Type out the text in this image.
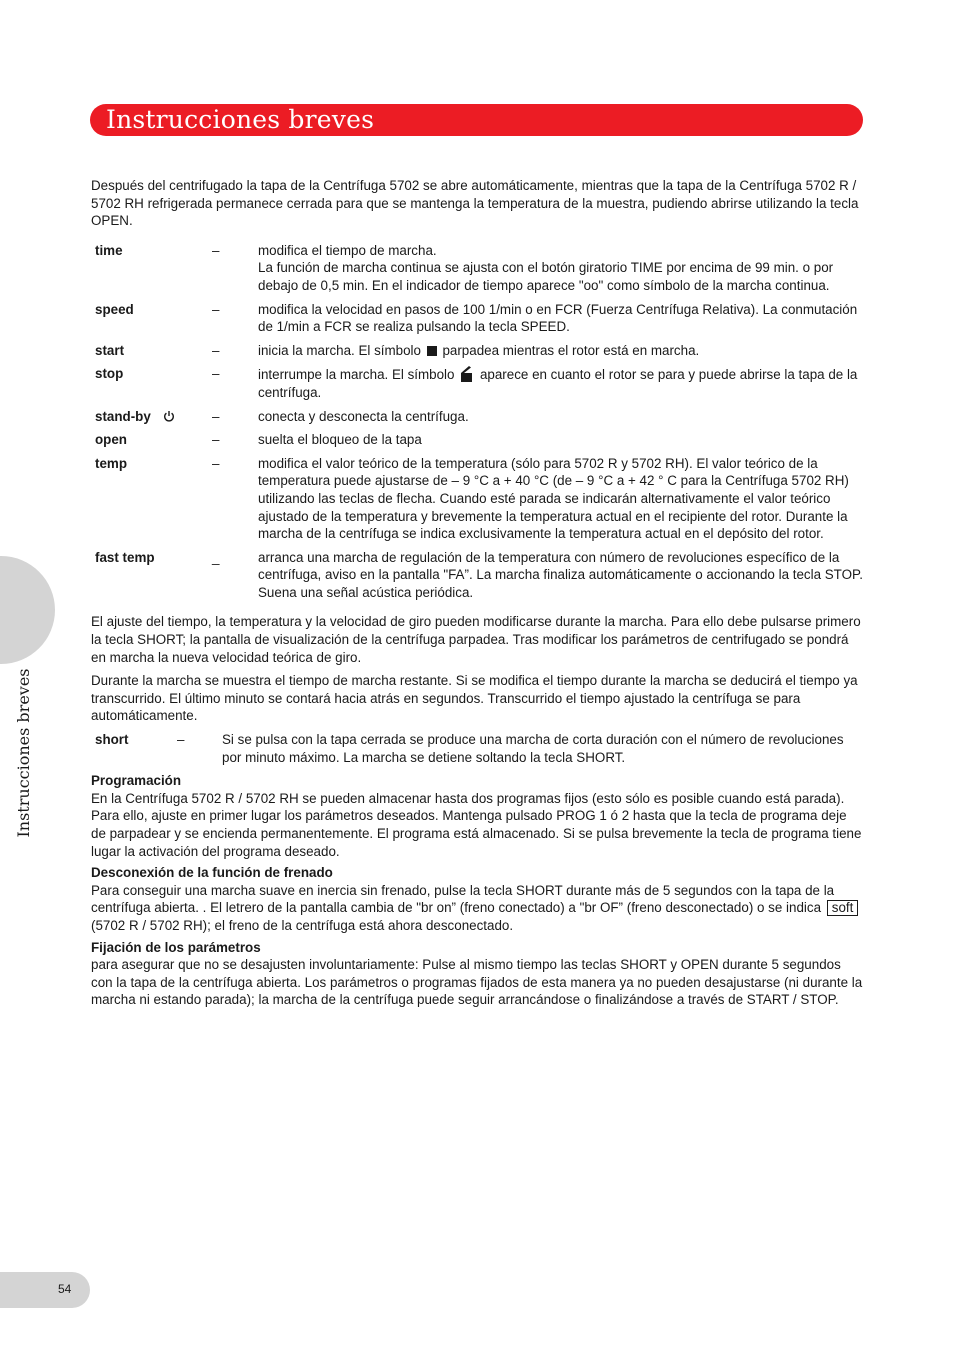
Instrucciones breves
Instrucciones breves

Después del centrifugado la tapa de la Centrífuga 5702 se abre automáticamente, mientras que la tapa de la Centrífuga 5702 R / 5702 RH refrigerada permanece cerrada para que se mantenga la temperatura de la muestra, pudiendo abrirse utilizando la tecla OPEN.

time	–	modifica el tiempo de marcha.

La función de marcha continua se ajusta con el botón giratorio TIME por encima de 99 min. o por debajo de 0,5 min. En el indicador de tiempo aparece "oo" como símbolo de la marcha continua.

speed	–	modifica la velocidad en pasos de 100 1/min o en FCR (Fuerza Centrífuga Relativa). La conmutación de 1/min a FCR se realiza pulsando la tecla SPEED.
start	–	inicia la marcha. El símbolo parpadea mientras el rotor está en marcha.
stop	–	interrumpe la marcha. El símbolo aparece en cuanto el rotor se para y puede abrirse la tapa de la centrífuga.
stand-by	–	conecta y desconecta la centrífuga.
open	–	suelta el bloqueo de la tapa
temp	–	modifica el valor teórico de la temperatura (sólo para 5702 R y 5702 RH). El valor teórico de la temperatura puede ajustarse de – 9 °C a + 40 °C (de – 9 °C a + 42 ° C para la Centrífuga 5702 RH) utilizando las teclas de flecha. Cuando esté parada se indicarán alternativamente el valor teórico ajustado de la temperatura y brevemente la temperatura actual en el recipiente del rotor. Durante la marcha de la centrífuga se indica exclusivamente la temperatura actual en el depósito del rotor.
fast temp	_	arranca una marcha de regulación de la temperatura con número de revoluciones específico de la centrífuga, aviso en la pantalla "FA”. La marcha finaliza automáticamente o accionando la tecla STOP. Suena una señal acústica periódica.

El ajuste del tiempo, la temperatura y la velocidad de giro pueden modificarse durante la marcha. Para ello debe pulsarse primero la tecla SHORT; la pantalla de visualización de la centrífuga parpadea. Tras modificar los parámetros de centrifugado se pondrá en marcha la nueva velocidad teórica de giro.

Durante la marcha se muestra el tiempo de marcha restante. Si se modifica el tiempo durante la marcha se deducirá el tiempo ya transcurrido. El último minuto se contará hacia atrás en segundos. Transcurrido el tiempo ajustado la centrífuga se para automáticamente.

short	–	Si se pulsa con la tapa cerrada se produce una marcha de corta duración con el número de revoluciones por minuto máximo. La marcha se detiene soltando la tecla SHORT.

Programación

En la Centrífuga 5702 R / 5702 RH se pueden almacenar hasta dos programas fijos (esto sólo es posible cuando está parada). Para ello, ajuste en primer lugar los parámetros deseados. Mantenga pulsado PROG 1 ó 2 hasta que la tecla de programa deje de parpadear y se encienda permanentemente. El programa está almacenado. Si se pulsa brevemente la tecla de programa tiene lugar la activación del programa deseado.

Desconexión de la función de frenado

Para conseguir una marcha suave en inercia sin frenado, pulse la tecla SHORT durante más de 5 segundos con la tapa de la centrífuga abierta. . El letrero de la pantalla cambia de "br on” (freno conectado) a "br OF” (freno desconectado) o se indica soft (5702 R / 5702 RH); el freno de la centrífuga está ahora desconectado.

Fijación de los parámetros

para asegurar que no se desajusten involuntariamente: Pulse al mismo tiempo las teclas SHORT y OPEN durante 5 segundos con la tapa de la centrífuga abierta. Los parámetros o programas fijados de esta manera ya no pueden desajustarse (ni durante la marcha ni estando parada); la marcha de la centrífuga puede seguir arrancándose o finalizándose a través de START / STOP.

54
